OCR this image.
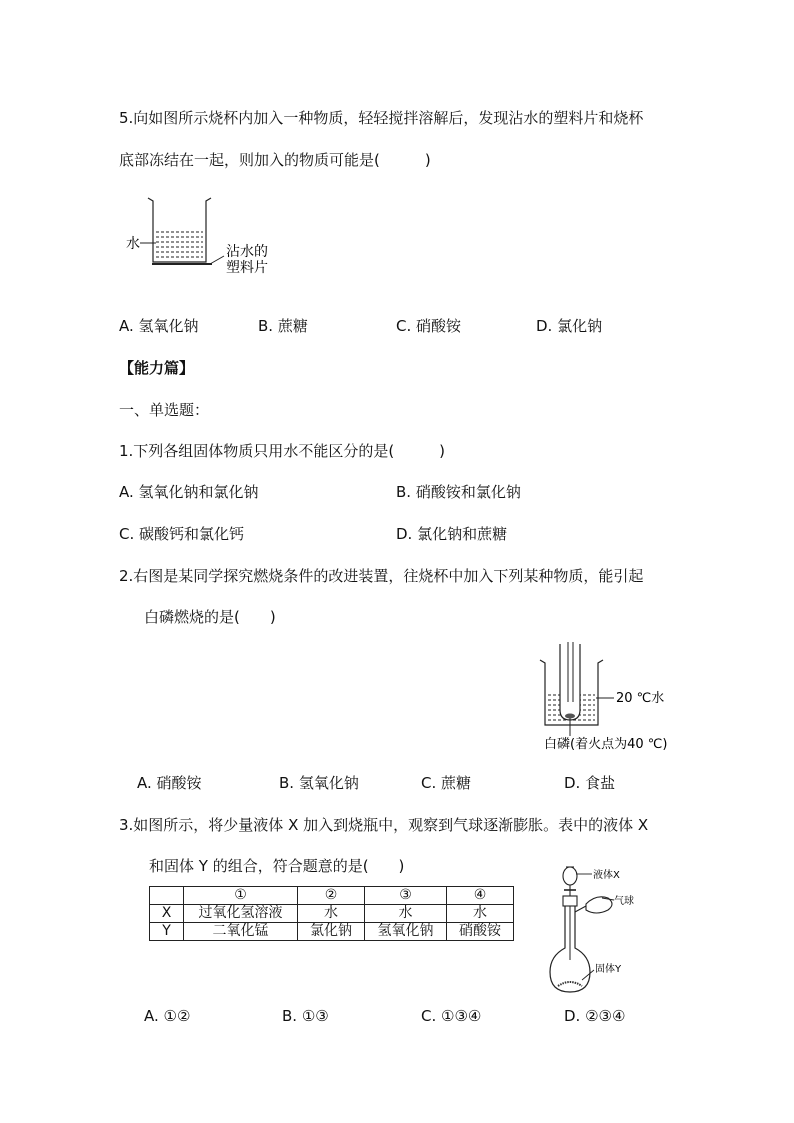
5.向如图所示烧杯内加入一种物质，轻轻搅拌溶解后，发现沾水的塑料片和烧杯
底部冻结在一起，则加入的物质可能是(　　　)
水	沾水的
塑料片
A. 氢氧化钠	B. 蔗糖	C. 硝酸铵	D. 氯化钠
【能力篇】
一、单选题：
1.下列各组固体物质只用水不能区分的是(　　　)
A. 氢氧化钠和氯化钠	B. 硝酸铵和氯化钠
C. 碳酸钙和氯化钙	D. 氯化钠和蔗糖
2.右图是某同学探究燃烧条件的改进装置，往烧杯中加入下列某种物质，能引起
白磷燃烧的是(　　)
20 ℃水
白磷(着火点为40 ℃)
A. 硝酸铵	B. 氢氧化钠	C. 蔗糖	D. 食盐
3.如图所示，将少量液体 X 加入到烧瓶中，观察到气球逐渐膨胀。表中的液体 X
和固体 Y 的组合，符合题意的是(　　)
	①	②	③	④
X	过氧化氢溶液	水	水	水
Y	二氧化锰	氯化钠	氢氧化钠	硝酸铵
液体X
气球
固体Y
A. ①②	B. ①③	C. ①③④	D. ②③④
